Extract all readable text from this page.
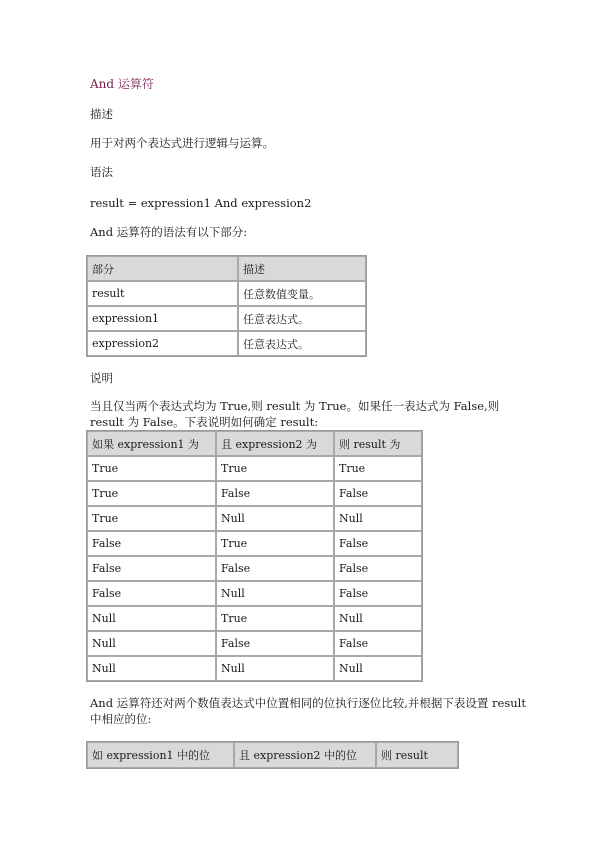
And 运算符
描述
用于对两个表达式进行逻辑与运算。
语法
result = expression1 And expression2
And 运算符的语法有以下部分:
部分	描述
result	任意数值变量。
expression1	任意表达式。
expression2	任意表达式。
说明
当且仅当两个表达式均为 True,则 result 为 True。如果任一表达式为 False,则 result 为 False。下表说明如何确定 result:
如果 expression1 为	且 expression2 为	则 result 为
True	True	True
True	False	False
True	Null	Null
False	True	False
False	False	False
False	Null	False
Null	True	Null
Null	False	False
Null	Null	Null
And 运算符还对两个数值表达式中位置相同的位执行逐位比较,并根据下表设置 result 中相应的位:
如 expression1 中的位	且 expression2 中的位	则 result
